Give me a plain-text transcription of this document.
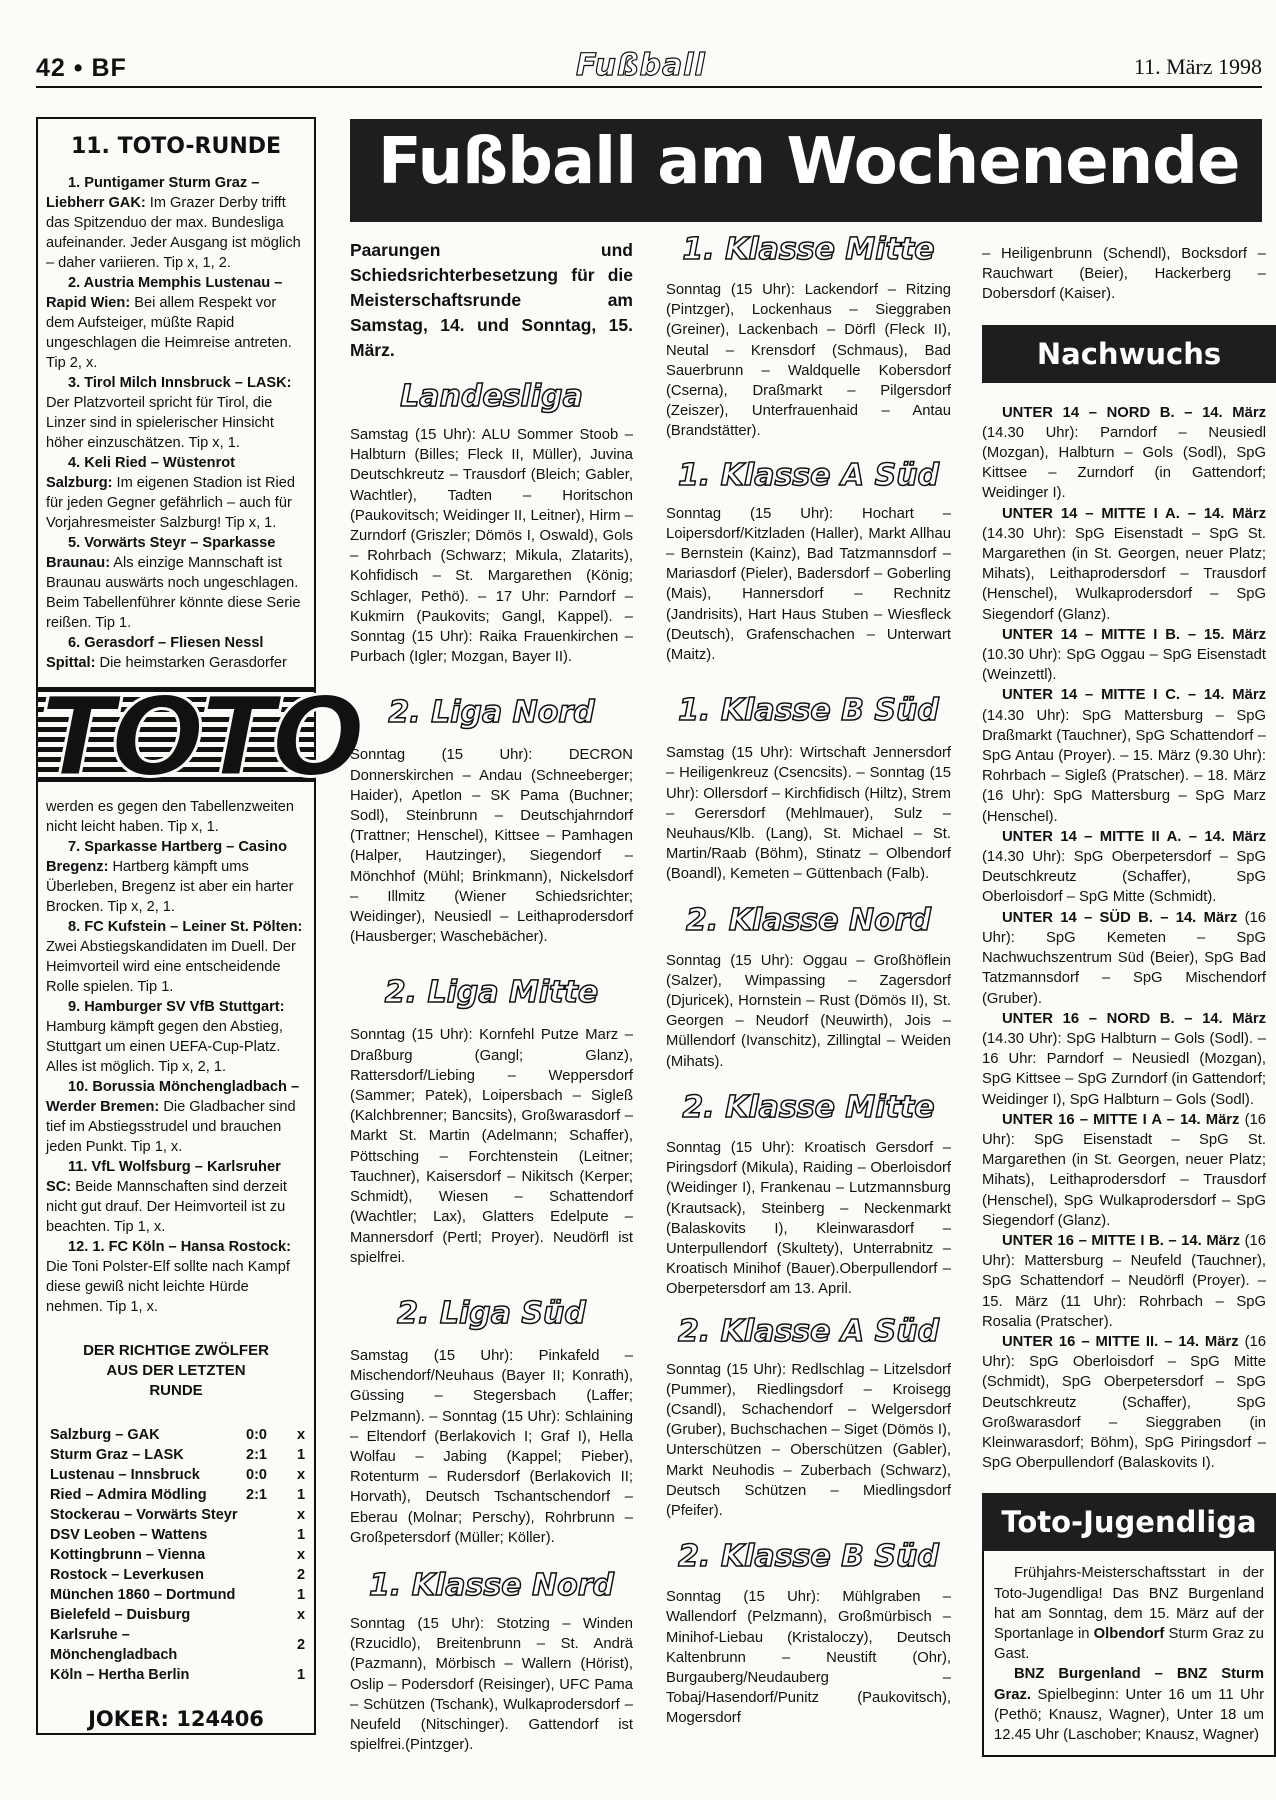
42 • BF	Fußball	11. März 1998
11. TOTO-RUNDE

1. Puntigamer Sturm Graz – Liebherr GAK: Im Grazer Derby trifft das Spitzenduo der max. Bundesliga aufeinander. Jeder Ausgang ist möglich – daher variieren. Tip x, 1, 2.

2. Austria Memphis Lustenau – Rapid Wien: Bei allem Respekt vor dem Aufsteiger, müßte Rapid ungeschlagen die Heimreise antreten. Tip 2, x.

3. Tirol Milch Innsbruck – LASK: Der Platzvorteil spricht für Tirol, die Linzer sind in spielerischer Hinsicht höher einzuschätzen. Tip x, 1.

4. Keli Ried – Wüstenrot Salzburg: Im eigenen Stadion ist Ried für jeden Gegner gefährlich – auch für Vorjahresmeister Salzburg! Tip x, 1.

5. Vorwärts Steyr – Sparkasse Braunau: Als einzige Mannschaft ist Braunau auswärts noch ungeschlagen. Beim Tabellenführer könnte diese Serie reißen. Tip 1.

6. Gerasdorf – Fliesen Nessl Spittal: Die heimstarken Gerasdorfer

TOTO

werden es gegen den Tabellenzweiten nicht leicht haben. Tip x, 1.

7. Sparkasse Hartberg – Casino Bregenz: Hartberg kämpft ums Überleben, Bregenz ist aber ein harter Brocken. Tip x, 2, 1.

8. FC Kufstein – Leiner St. Pölten: Zwei Abstiegskandidaten im Duell. Der Heimvorteil wird eine entscheidende Rolle spielen. Tip 1.

9. Hamburger SV VfB Stuttgart: Hamburg kämpft gegen den Abstieg, Stuttgart um einen UEFA-Cup-Platz. Alles ist möglich. Tip x, 2, 1.

10. Borussia Mönchengladbach – Werder Bremen: Die Gladbacher sind tief im Abstiegsstrudel und brauchen jeden Punkt. Tip 1, x.

11. VfL Wolfsburg – Karlsruher SC: Beide Mannschaften sind derzeit nicht gut drauf. Der Heimvorteil ist zu beachten. Tip 1, x.

12. 1. FC Köln – Hansa Rostock: Die Toni Polster-Elf sollte nach Kampf diese gewiß nicht leichte Hürde nehmen. Tip 1, x.

DER RICHTIGE ZWÖLFER AUS DER LETZTEN RUNDE
Salzburg – GAK	0:0	x
Sturm Graz – LASK	2:1	1
Lustenau – Innsbruck	0:0	x
Ried – Admira Mödling	2:1	1
Stockerau – Vorwärts Steyr		x
DSV Leoben – Wattens		1
Kottingbrunn – Vienna		x
Rostock – Leverkusen		2
München 1860 – Dortmund		1
Bielefeld – Duisburg		x
Karlsruhe – Mönchengladbach		2
Köln – Hertha Berlin		1
JOKER: 124406
Fußball am Wochenende

Paarungen und Schiedsrichterbesetzung für die Meisterschaftsrunde am Samstag, 14. und Sonntag, 15. März.

Landesliga

Samstag (15 Uhr): ALU Sommer Stoob – Halbturn (Billes; Fleck II, Müller), Juvina Deutschkreutz – Trausdorf (Bleich; Gabler, Wachtler), Tadten – Horitschon (Paukovitsch; Weidinger II, Leitner), Hirm – Zurndorf (Griszler; Dömös I, Oswald), Gols – Rohrbach (Schwarz; Mikula, Zlatarits), Kohfidisch – St. Margarethen (König; Schlager, Pethö). – 17 Uhr: Parndorf – Kukmirn (Paukovits; Gangl, Kappel). – Sonntag (15 Uhr): Raika Frauenkirchen – Purbach (Igler; Mozgan, Bayer II).

2. Liga Nord

Sonntag (15 Uhr): DECRON Donnerskirchen – Andau (Schneeberger; Haider), Apetlon – SK Pama (Buchner; Sodl), Steinbrunn – Deutschjahrndorf (Trattner; Henschel), Kittsee – Pamhagen (Halper, Hautzinger), Siegendorf – Mönchhof (Mühl; Brinkmann), Nickelsdorf – Illmitz (Wiener Schiedsrichter; Weidinger), Neusiedl – Leithaprodersdorf (Hausberger; Waschebächer).

2. Liga Mitte

Sonntag (15 Uhr): Kornfehl Putze Marz – Draßburg (Gangl; Glanz), Rattersdorf/Liebing – Weppersdorf (Sammer; Patek), Loipersbach – Sigleß (Kalchbrenner; Bancsits), Großwarasdorf – Markt St. Martin (Adelmann; Schaffer), Pöttsching – Forchtenstein (Leitner; Tauchner), Kaisersdorf – Nikitsch (Kerper; Schmidt), Wiesen – Schattendorf (Wachtler; Lax), Glatters Edelpute – Mannersdorf (Pertl; Proyer). Neudörfl ist spielfrei.

2. Liga Süd

Samstag (15 Uhr): Pinkafeld – Mischendorf/Neuhaus (Bayer II; Konrath), Güssing – Stegersbach (Laffer; Pelzmann). – Sonntag (15 Uhr): Schlaining – Eltendorf (Berlakovich I; Graf I), Hella Wolfau – Jabing (Kappel; Pieber), Rotenturm – Rudersdorf (Berlakovich II; Horvath), Deutsch Tschantschendorf – Eberau (Molnar; Perschy), Rohrbrunn – Großpetersdorf (Müller; Köller).

1. Klasse Nord

Sonntag (15 Uhr): Stotzing – Winden (Rzucidlo), Breitenbrunn – St. Andrä (Pazmann), Mörbisch – Wallern (Hörist), Oslip – Podersdorf (Reisinger), UFC Pama – Schützen (Tschank), Wulkaprodersdorf – Neufeld (Nitschinger). Gattendorf ist spielfrei.(Pintzger).

1. Klasse Mitte

Sonntag (15 Uhr): Lackendorf – Ritzing (Pintzger), Lockenhaus – Sieggraben (Greiner), Lackenbach – Dörfl (Fleck II), Neutal – Krensdorf (Schmaus), Bad Sauerbrunn – Waldquelle Kobersdorf (Cserna), Draßmarkt – Pilgersdorf (Zeiszer), Unterfrauenhaid – Antau (Brandstätter).

1. Klasse A Süd

Sonntag (15 Uhr): Hochart – Loipersdorf/Kitzladen (Haller), Markt Allhau – Bernstein (Kainz), Bad Tatzmannsdorf – Mariasdorf (Pieler), Badersdorf – Goberling (Mais), Hannersdorf – Rechnitz (Jandrisits), Hart Haus Stuben – Wiesfleck (Deutsch), Grafenschachen – Unterwart (Maitz).

1. Klasse B Süd

Samstag (15 Uhr): Wirtschaft Jennersdorf – Heiligenkreuz (Csencsits). – Sonntag (15 Uhr): Ollersdorf – Kirchfidisch (Hiltz), Strem – Gerersdorf (Mehlmauer), Sulz – Neuhaus/Klb. (Lang), St. Michael – St. Martin/Raab (Böhm), Stinatz – Olbendorf (Boandl), Kemeten – Güttenbach (Falb).

2. Klasse Nord

Sonntag (15 Uhr): Oggau – Großhöflein (Salzer), Wimpassing – Zagersdorf (Djuricek), Hornstein – Rust (Dömös II), St. Georgen – Neudorf (Neuwirth), Jois – Müllendorf (Ivanschitz), Zillingtal – Weiden (Mihats).

2. Klasse Mitte

Sonntag (15 Uhr): Kroatisch Gersdorf – Piringsdorf (Mikula), Raiding – Oberloisdorf (Weidinger I), Frankenau – Lutzmannsburg (Krautsack), Steinberg – Neckenmarkt (Balaskovits I), Kleinwarasdorf – Unterpullendorf (Skultety), Unterrabnitz – Kroatisch Minihof (Bauer).Oberpullendorf – Oberpetersdorf am 13. April.

2. Klasse A Süd

Sonntag (15 Uhr): Redlschlag – Litzelsdorf (Pummer), Riedlingsdorf – Kroisegg (Csandl), Schachendorf – Welgersdorf (Gruber), Buchschachen – Siget (Dömös I), Unterschützen – Oberschützen (Gabler), Markt Neuhodis – Zuberbach (Schwarz), Deutsch Schützen – Miedlingsdorf (Pfeifer).

2. Klasse B Süd

Sonntag (15 Uhr): Mühlgraben – Wallendorf (Pelzmann), Großmürbisch – Minihof-Liebau (Kristaloczy), Deutsch Kaltenbrunn – Neustift (Ohr), Burgauberg/Neudauberg – Tobaj/Hasendorf/Punitz (Paukovitsch), Mogersdorf

– Heiligenbrunn (Schendl), Bocksdorf – Rauchwart (Beier), Hackerberg – Dobersdorf (Kaiser).

Nachwuchs

UNTER 14 – NORD B. – 14. März (14.30 Uhr): Parndorf – Neusiedl (Mozgan), Halbturn – Gols (Sodl), SpG Kittsee – Zurndorf (in Gattendorf; Weidinger I).

UNTER 14 – MITTE I A. – 14. März (14.30 Uhr): SpG Eisenstadt – SpG St. Margarethen (in St. Georgen, neuer Platz; Mihats), Leithaprodersdorf – Trausdorf (Henschel), Wulkaprodersdorf – SpG Siegendorf (Glanz).

UNTER 14 – MITTE I B. – 15. März (10.30 Uhr): SpG Oggau – SpG Eisenstadt (Weinzettl).

UNTER 14 – MITTE I C. – 14. März (14.30 Uhr): SpG Mattersburg – SpG Draßmarkt (Tauchner), SpG Schattendorf – SpG Antau (Proyer). – 15. März (9.30 Uhr): Rohrbach – Sigleß (Pratscher). – 18. März (16 Uhr): SpG Mattersburg – SpG Marz (Henschel).

UNTER 14 – MITTE II A. – 14. März (14.30 Uhr): SpG Oberpetersdorf – SpG Deutschkreutz (Schaffer), SpG Oberloisdorf – SpG Mitte (Schmidt).

UNTER 14 – SÜD B. – 14. März (16 Uhr): SpG Kemeten – SpG Nachwuchszentrum Süd (Beier), SpG Bad Tatzmannsdorf – SpG Mischendorf (Gruber).

UNTER 16 – NORD B. – 14. März (14.30 Uhr): SpG Halbturn – Gols (Sodl). – 16 Uhr: Parndorf – Neusiedl (Mozgan), SpG Kittsee – SpG Zurndorf (in Gattendorf; Weidinger I), SpG Halbturn – Gols (Sodl).

UNTER 16 – MITTE I A – 14. März (16 Uhr): SpG Eisenstadt – SpG St. Margarethen (in St. Georgen, neuer Platz; Mihats), Leithaprodersdorf – Trausdorf (Henschel), SpG Wulkaprodersdorf – SpG Siegendorf (Glanz).

UNTER 16 – MITTE I B. – 14. März (16 Uhr): Mattersburg – Neufeld (Tauchner), SpG Schattendorf – Neudörfl (Proyer). – 15. März (11 Uhr): Rohrbach – SpG Rosalia (Pratscher).

UNTER 16 – MITTE II. – 14. März (16 Uhr): SpG Oberloisdorf – SpG Mitte (Schmidt), SpG Oberpetersdorf – SpG Deutschkreutz (Schaffer), SpG Großwarasdorf – Sieggraben (in Kleinwarasdorf; Böhm), SpG Piringsdorf – SpG Oberpullendorf (Balaskovits I).

Toto-Jugendliga

Frühjahrs-Meisterschaftsstart in der Toto-Jugendliga! Das BNZ Burgenland hat am Sonntag, dem 15. März auf der Sportanlage in Olbendorf Sturm Graz zu Gast.

BNZ Burgenland – BNZ Sturm Graz. Spielbeginn: Unter 16 um 11 Uhr (Pethö; Knausz, Wagner), Unter 18 um 12.45 Uhr (Laschober; Knausz, Wagner)
